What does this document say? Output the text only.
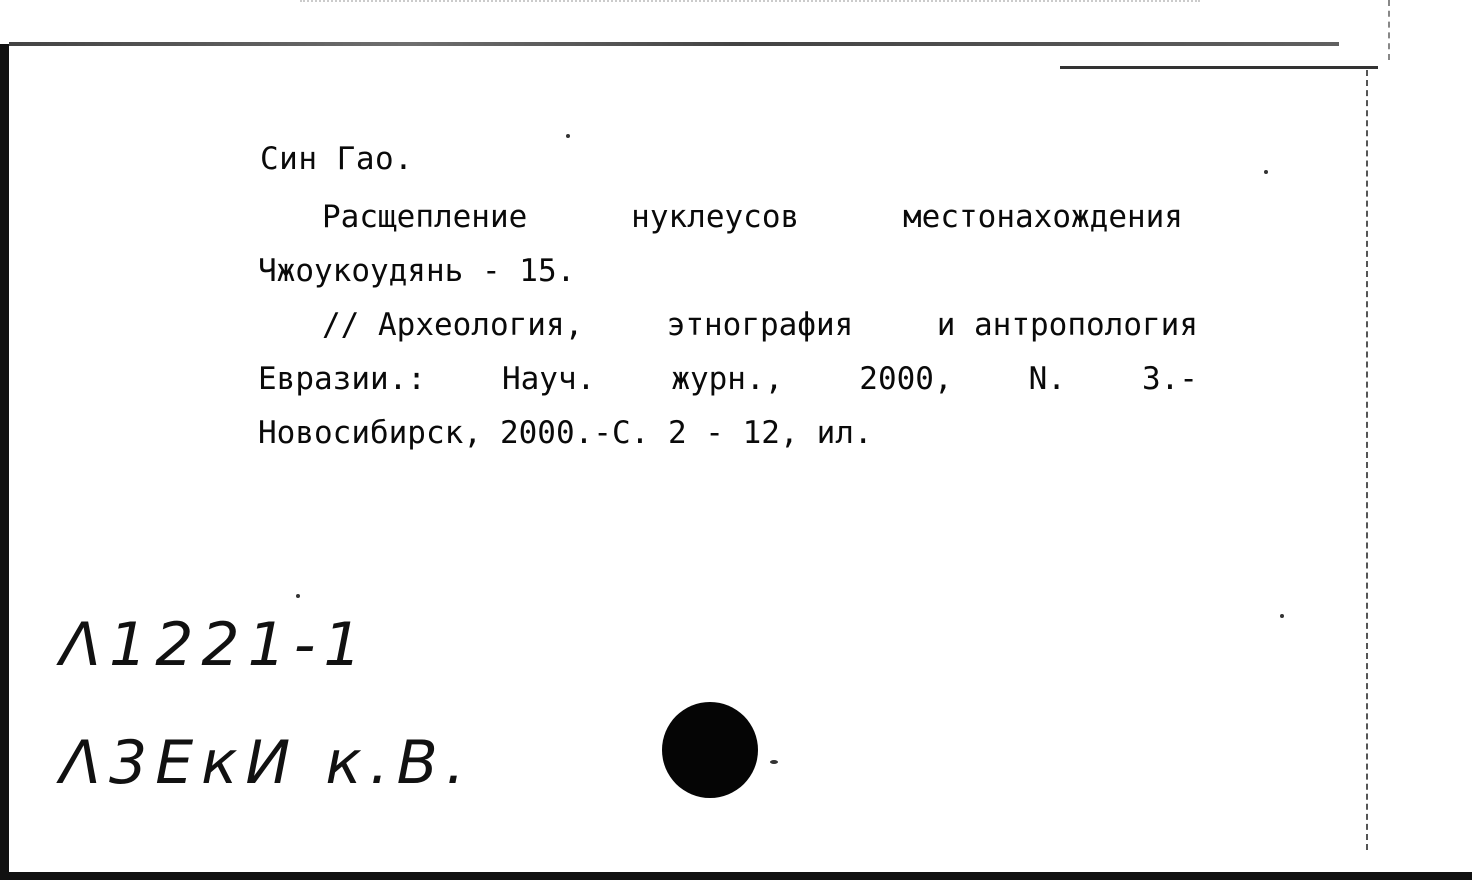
Син Гао.
Расщепление	нуклеусов	местонахождения
Чжоукоудянь - 15.
// Археология,	этнография	и антропология
Евразии.: Науч. журн., 2000, N. 3.-
Новосибирск, 2000.-С. 2 - 12, ил.
Λ1221-1
Λ3ЕкИ к.В.
